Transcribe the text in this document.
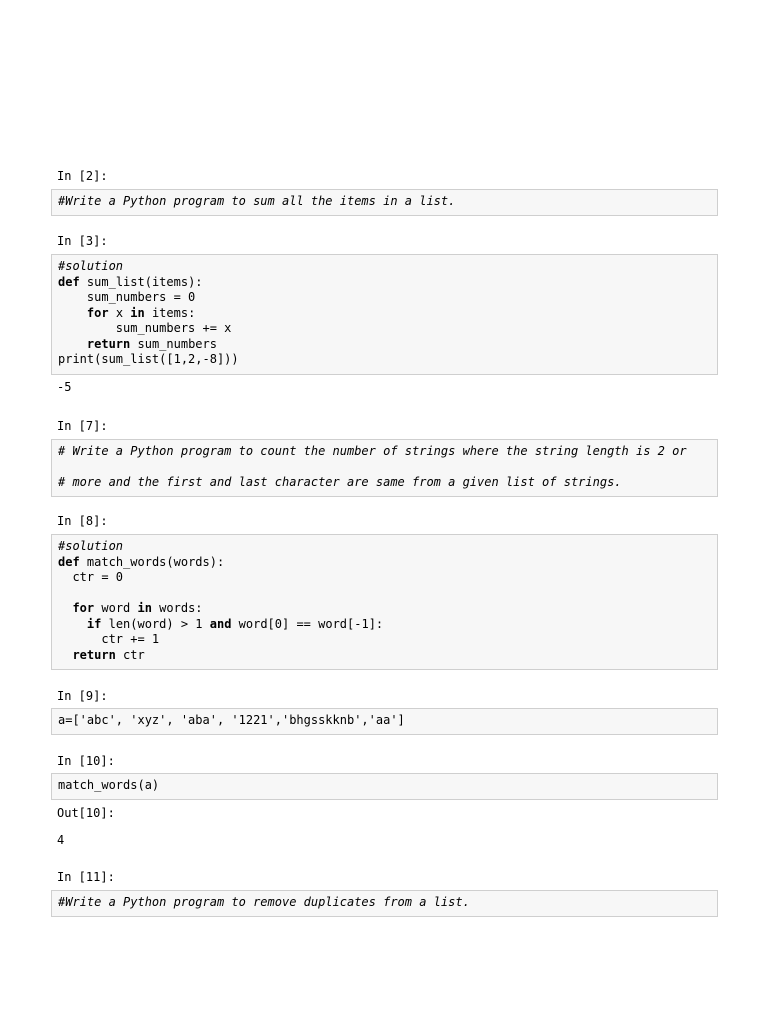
In [2]:
#Write a Python program to sum all the items in a list.
In [3]:
#solution
def sum_list(items):
sum_numbers = 0
for x in items:
sum_numbers += x
return sum_numbers
print(sum_list([1,2,-8]))
-5
In [7]:
# Write a Python program to count the number of strings where the string length is 2 or
# more and the first and last character are same from a given list of strings.
In [8]:
#solution
def match_words(words):
ctr = 0
for word in words:
if len(word) > 1 and word[0] == word[-1]:
ctr += 1
return ctr
In [9]:
a=['abc', 'xyz', 'aba', '1221','bhgsskknb','aa']
In [10]:
match_words(a)
Out[10]:
4
In [11]:
#Write a Python program to remove duplicates from a list.
